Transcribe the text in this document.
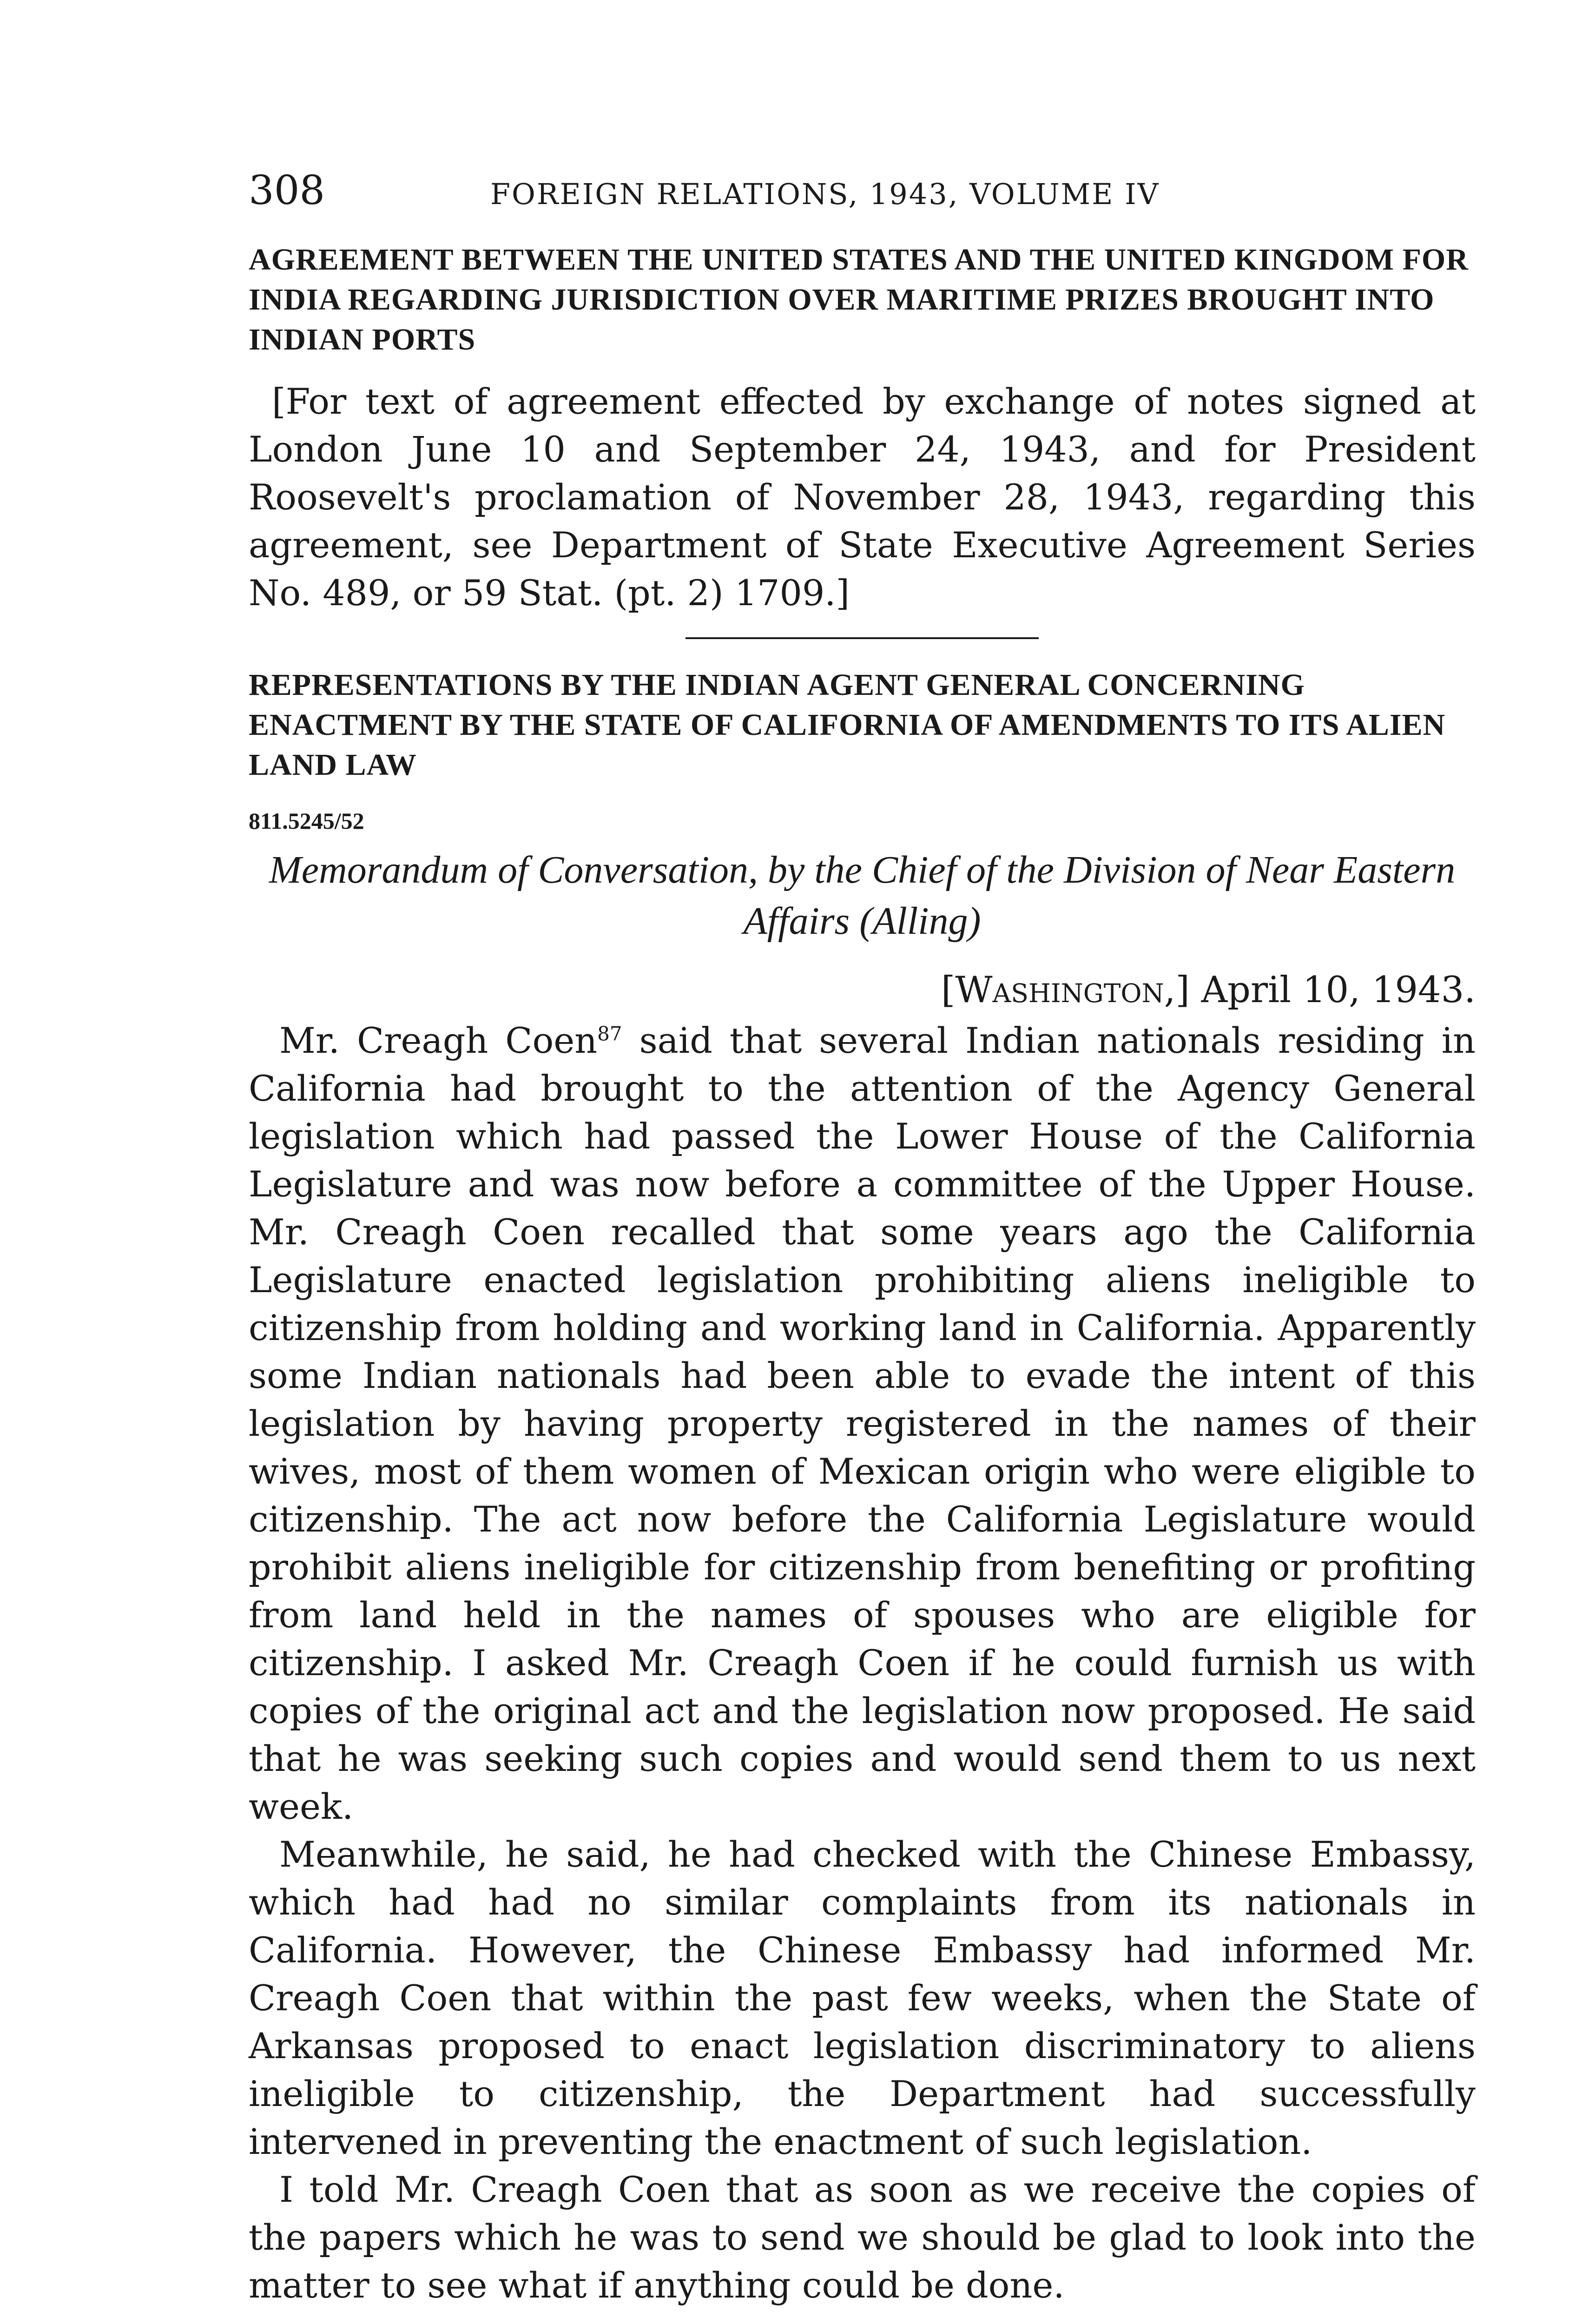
308	FOREIGN RELATIONS, 1943, VOLUME IV
AGREEMENT BETWEEN THE UNITED STATES AND THE UNITED KINGDOM FOR INDIA REGARDING JURISDICTION OVER MARITIME PRIZES BROUGHT INTO INDIAN PORTS

[For text of agreement effected by exchange of notes signed at London June 10 and September 24, 1943, and for President Roosevelt's proclamation of November 28, 1943, regarding this agreement, see Department of State Executive Agreement Series No. 489, or 59 Stat. (pt. 2) 1709.]

REPRESENTATIONS BY THE INDIAN AGENT GENERAL CONCERNING ENACTMENT BY THE STATE OF CALIFORNIA OF AMENDMENTS TO ITS ALIEN LAND LAW
811.5245/52

Memorandum of Conversation, by the Chief of the Division of Near Eastern Affairs (Alling)

[Washington,] April 10, 1943.

Mr. Creagh Coen$^{87}$ said that several Indian nationals residing in California had brought to the attention of the Agency General legislation which had passed the Lower House of the California Legislature and was now before a committee of the Upper House. Mr. Creagh Coen recalled that some years ago the California Legislature enacted legislation prohibiting aliens ineligible to citizenship from holding and working land in California. Apparently some Indian nationals had been able to evade the intent of this legislation by having property registered in the names of their wives, most of them women of Mexican origin who were eligible to citizenship. The act now before the California Legislature would prohibit aliens ineligible for citizenship from benefiting or profiting from land held in the names of spouses who are eligible for citizenship. I asked Mr. Creagh Coen if he could furnish us with copies of the original act and the legislation now proposed. He said that he was seeking such copies and would send them to us next week.

Meanwhile, he said, he had checked with the Chinese Embassy, which had had no similar complaints from its nationals in California. However, the Chinese Embassy had informed Mr. Creagh Coen that within the past few weeks, when the State of Arkansas proposed to enact legislation discriminatory to aliens ineligible to citizenship, the Department had successfully intervened in preventing the enactment of such legislation.

I told Mr. Creagh Coen that as soon as we receive the copies of the papers which he was to send we should be glad to look into the matter to see what if anything could be done.
